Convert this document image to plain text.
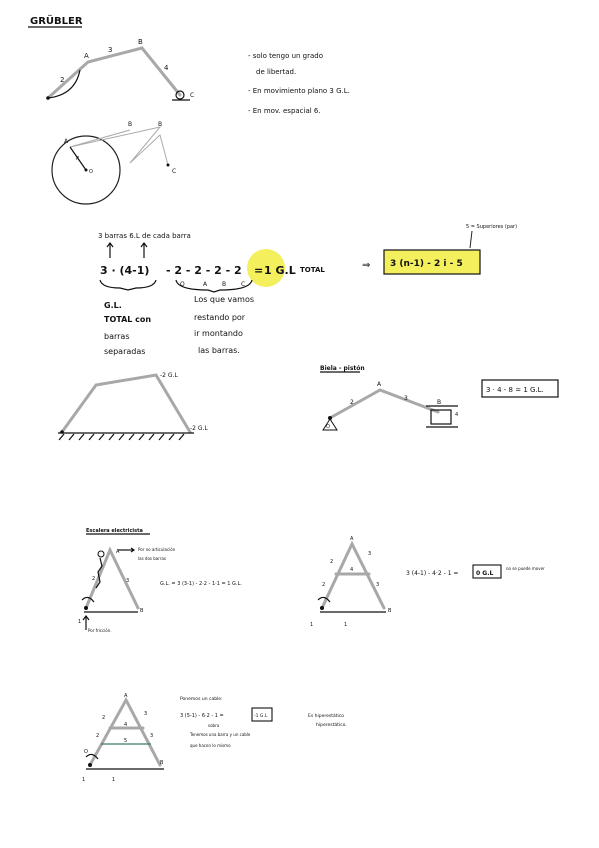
GRÜBLER
2
A
3
B
4
C
- solo tengo un grado
de libertad.
- En movimiento plano 3 G.L.
- En mov. espacial 6.
A
B	B
C
R
O
3 barras 6.L de cada barra
3 · (4-1) - 2 - 2 - 2 - 2 = 1 G.L TOTAL
O	A B C
⇒ 3 (n-1) - 2 i - 5
5 = Superiores (par)
G.L.
TOTAL con
barras
separadas
Los que vamos
restando por
ir montando
las barras.
-2 G.L
-2 G.L
Biela - pistón
A
B
O
2
3
4
3 · 4 - 8 = 1 G.L.
Escalera electricista
A	Por no articulación
las dos barras
3
2
B
1
Por fricción.
G.L. = 3 (3-1) - 2·2 - 1·1 = 1 G.L.
A
2
3
4
2	3
B
1	1
3 (4-1) - 4·2 - 1 =	0 G.L
no se puede mover
A
2
3
4
5
2	3
B
O
1	1
Ponemos un cable:
3 (5-1) - 6·2 - 1 =	-1 G.L
sobra
Tenemos una barra y un cable
que hacen lo mismo
Es hiperestático
hiperestático.
